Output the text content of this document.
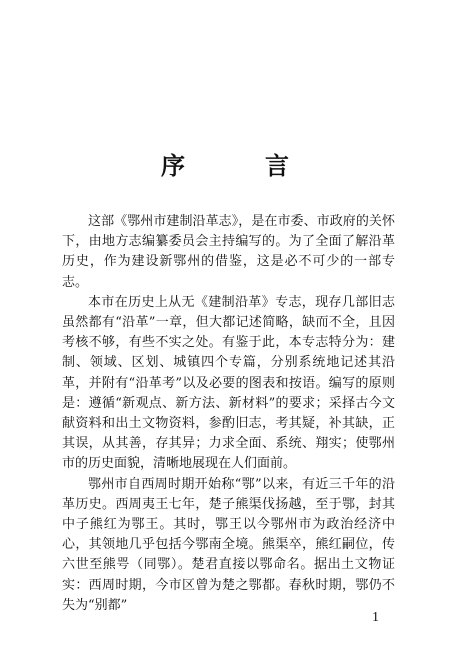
序　言

这部《鄂州市建制沿革志》，是在市委、市政府的关怀下，由地方志编纂委员会主持编写的。为了全面了解沿革历史，作为建设新鄂州的借鉴，这是必不可少的一部专志。

本市在历史上从无《建制沿革》专志，现存几部旧志虽然都有“沿革”一章，但大都记述简略，缺而不全，且因考核不够，有些不实之处。有鉴于此，本专志特分为：建制、领域、区划、城镇四个专篇，分别系统地记述其沿革，并附有“沿革考”以及必要的图表和按语。编写的原则是：遵循“新观点、新方法、新材料”的要求；采择古今文献资料和出土文物资料，参酌旧志，考其疑，补其缺，正其误，从其善，存其异；力求全面、系统、翔实；使鄂州市的历史面貌，清晰地展现在人们面前。

鄂州市自西周时期开始称“鄂”以来，有近三千年的沿革历史。西周夷王七年，楚子熊渠伐扬越，至于鄂，封其中子熊红为鄂王。其时，鄂王以今鄂州市为政治经济中心，其领地几乎包括今鄂南全境。熊渠卒，熊红嗣位，传六世至熊咢（同鄂）。楚君直接以鄂命名。据出土文物证实：西周时期，今市区曾为楚之鄂都。春秋时期，鄂仍不失为“别都”

1
